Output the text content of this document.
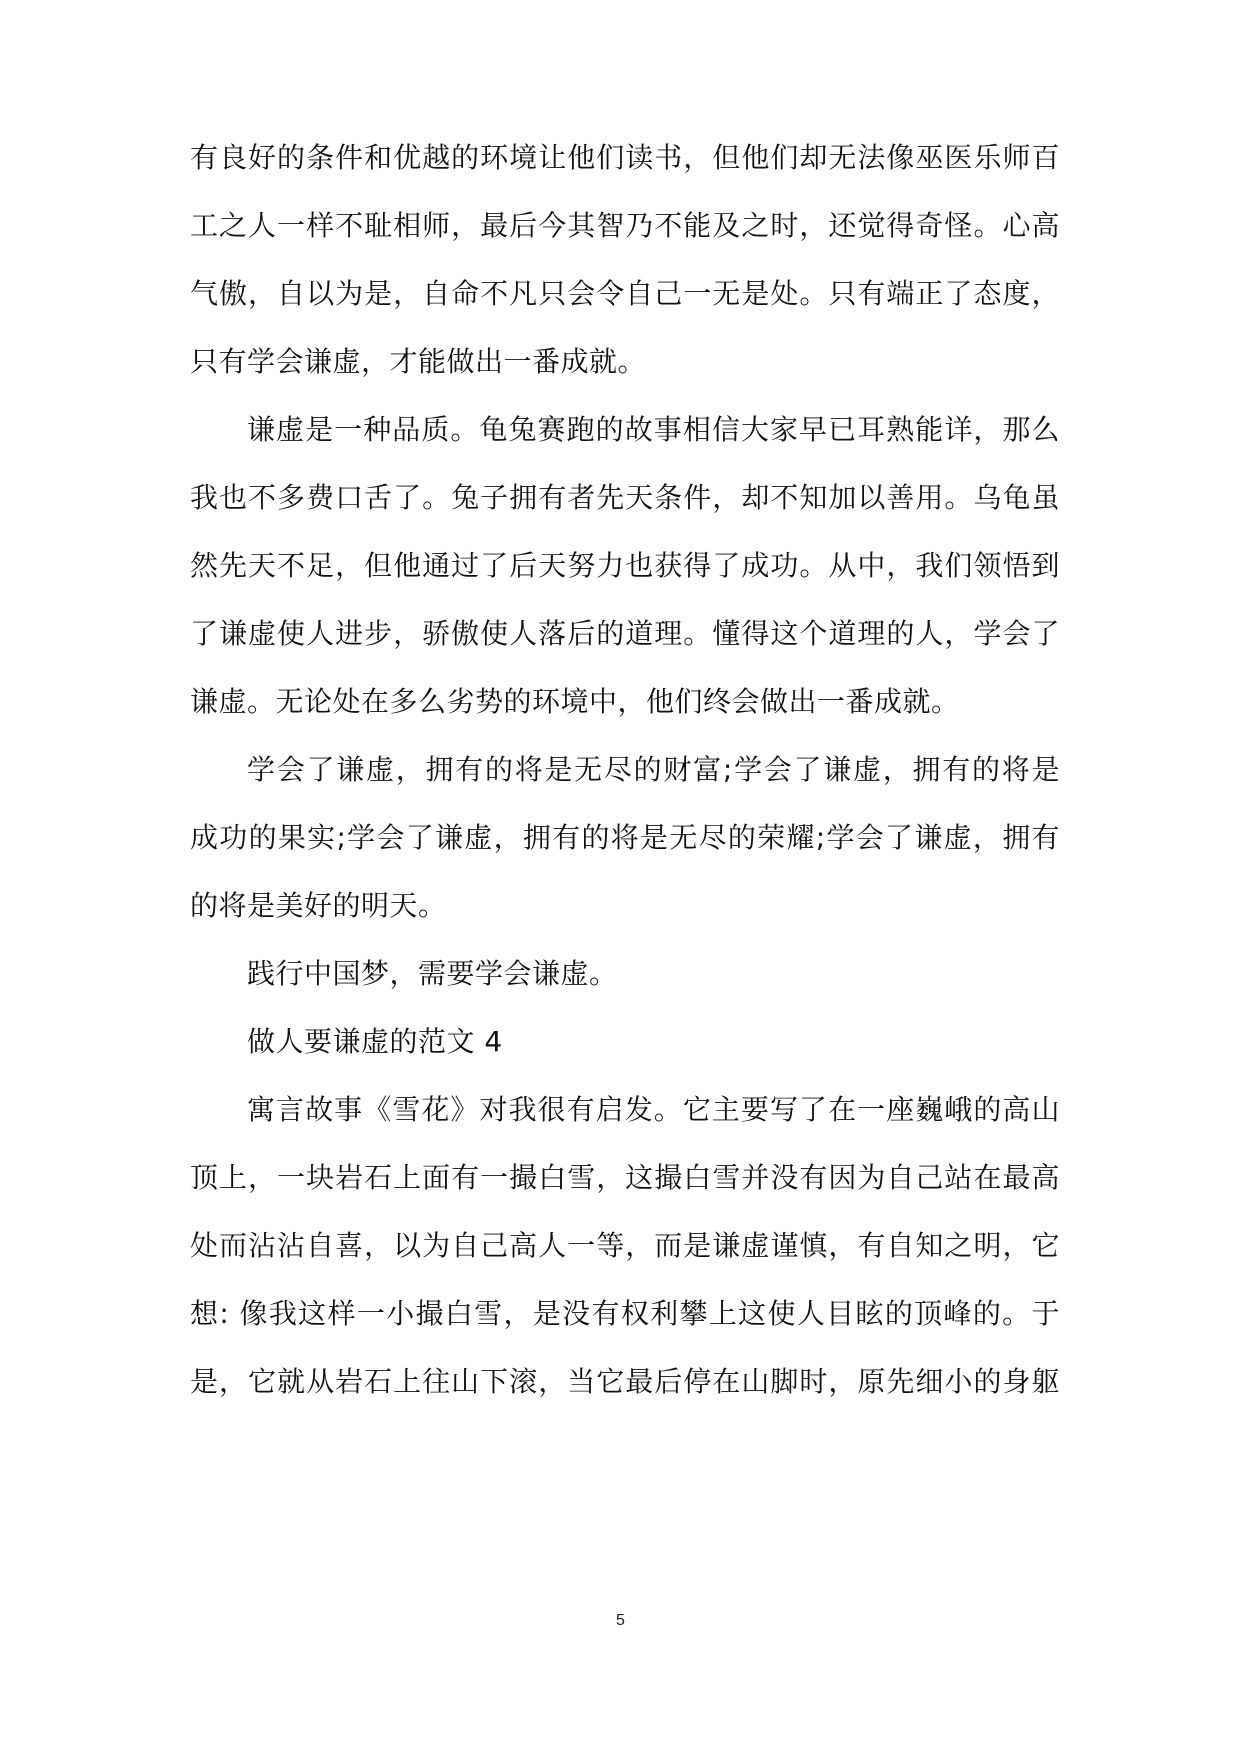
有良好的条件和优越的环境让他们读书，但他们却无法像巫医乐师百
工之人一样不耻相师，最后今其智乃不能及之时，还觉得奇怪。心高
气傲，自以为是，自命不凡只会令自己一无是处。只有端正了态度，
只有学会谦虚，才能做出一番成就。
谦虚是一种品质。龟兔赛跑的故事相信大家早已耳熟能详，那么
我也不多费口舌了。兔子拥有者先天条件，却不知加以善用。乌龟虽
然先天不足，但他通过了后天努力也获得了成功。从中，我们领悟到
了谦虚使人进步，骄傲使人落后的道理。懂得这个道理的人，学会了
谦虚。无论处在多么劣势的环境中，他们终会做出一番成就。
学会了谦虚，拥有的将是无尽的财富;学会了谦虚，拥有的将是
成功的果实;学会了谦虚，拥有的将是无尽的荣耀;学会了谦虚，拥有
的将是美好的明天。
践行中国梦，需要学会谦虚。
做人要谦虚的范文 4
寓言故事《雪花》对我很有启发。它主要写了在一座巍峨的高山
顶上，一块岩石上面有一撮白雪，这撮白雪并没有因为自己站在最高
处而沾沾自喜，以为自己高人一等，而是谦虚谨慎，有自知之明，它
想: 像我这样一小撮白雪，是没有权利攀上这使人目眩的顶峰的。于
是，它就从岩石上往山下滚，当它最后停在山脚时，原先细小的身躯
5
